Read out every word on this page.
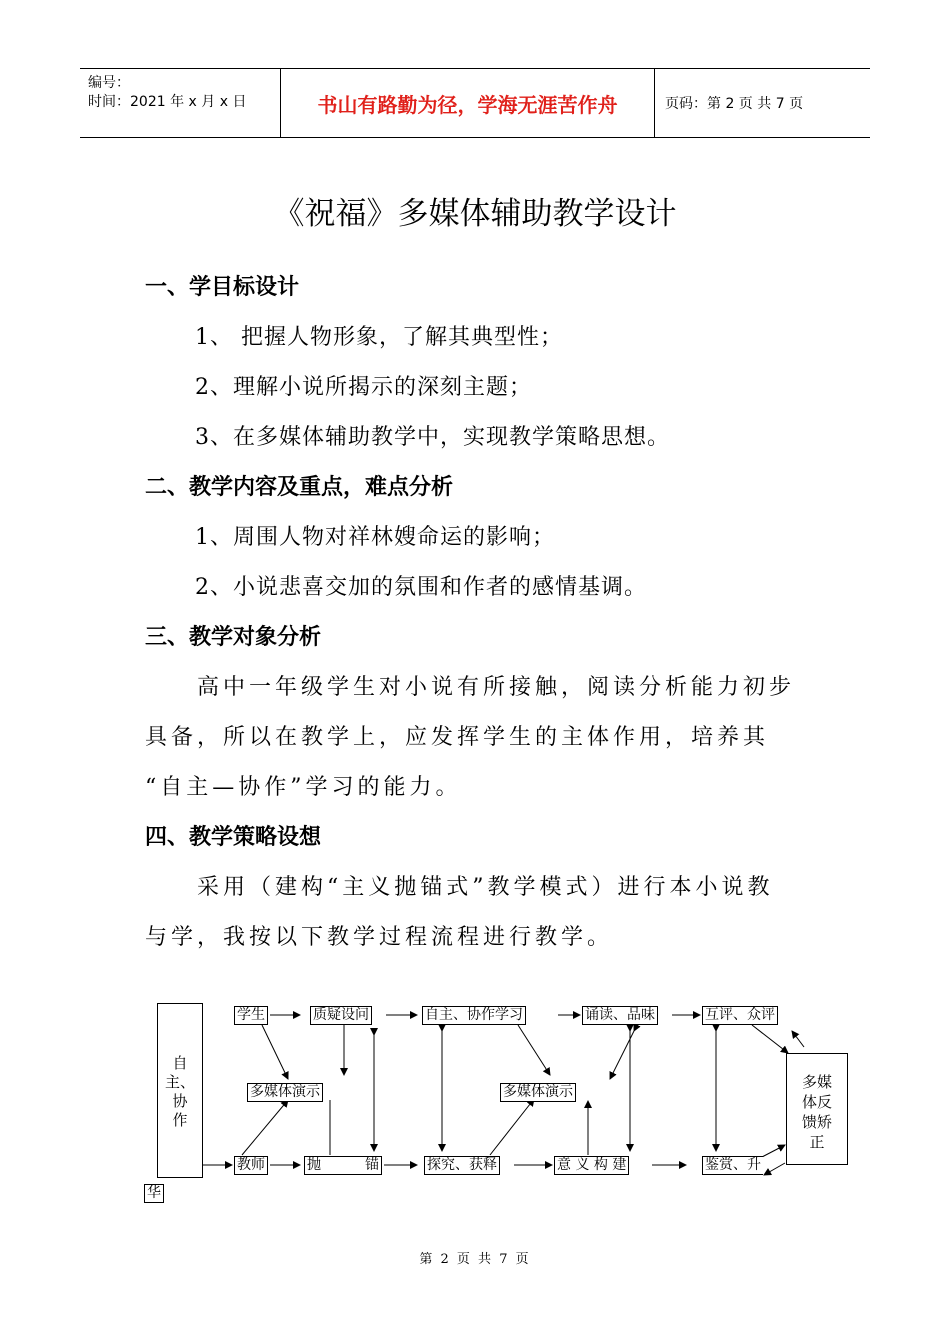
编号：
时间：2021 年 x 月 x 日	书山有路勤为径，学海无涯苦作舟	页码：第 2 页 共 7 页
《祝福》多媒体辅助教学设计
一、学目标设计
1、 把握人物形象，了解其典型性；
2、理解小说所揭示的深刻主题；
3、在多媒体辅助教学中，实现教学策略思想。
二、教学内容及重点，难点分析
1、周围人物对祥林嫂命运的影响；
2、小说悲喜交加的氛围和作者的感情基调。
三、教学对象分析
高中一年级学生对小说有所接触，阅读分析能力初步
具备，所以在教学上，应发挥学生的主体作用，培养其
“自主—协作”学习的能力。
四、教学策略设想
采用（建构“主义抛锚式”教学模式）进行本小说教
与学，我按以下教学过程流程进行教学。
自
主、
协
作
学生	质疑设问	自主、协作学习	诵读、品味	互评、众评
多媒体演示	多媒体演示
教师	抛	锚	探究、获释	意 义 构 建	鉴赏、升
华
多媒
体反
馈矫
正
第 2 页 共 7 页
